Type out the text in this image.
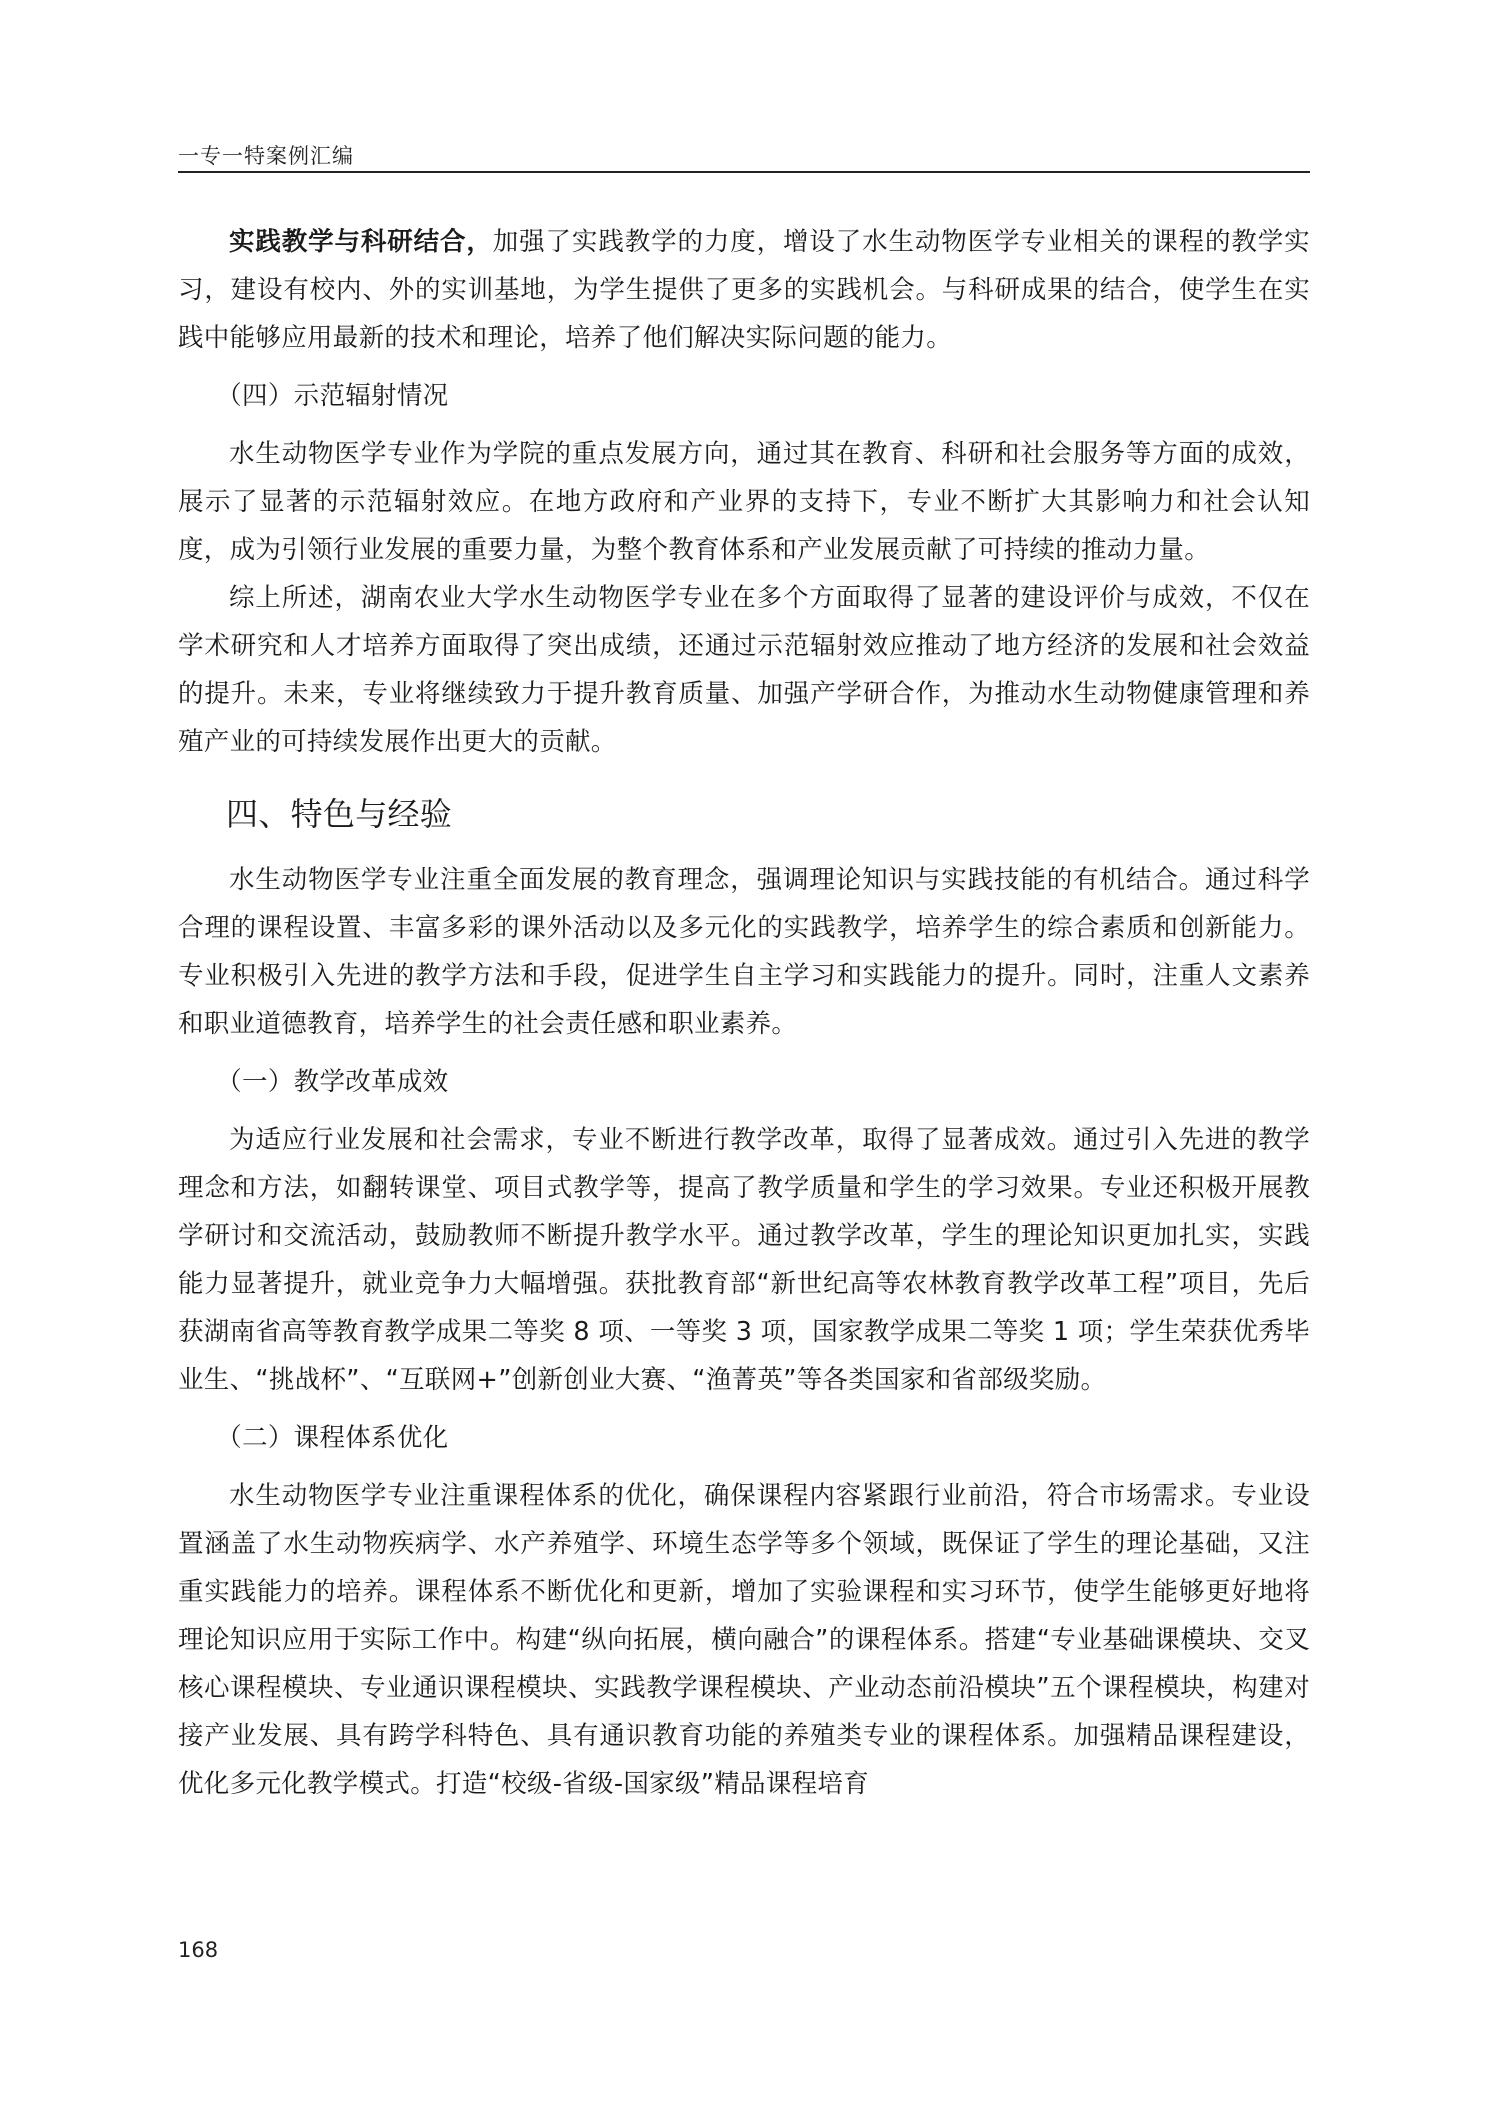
一专一特案例汇编

实践教学与科研结合，加强了实践教学的力度，增设了水生动物医学专业相关的课程的教学实习，建设有校内、外的实训基地，为学生提供了更多的实践机会。与科研成果的结合，使学生在实践中能够应用最新的技术和理论，培养了他们解决实际问题的能力。

（四）示范辐射情况

水生动物医学专业作为学院的重点发展方向，通过其在教育、科研和社会服务等方面的成效，展示了显著的示范辐射效应。在地方政府和产业界的支持下，专业不断扩大其影响力和社会认知度，成为引领行业发展的重要力量，为整个教育体系和产业发展贡献了可持续的推动力量。

综上所述，湖南农业大学水生动物医学专业在多个方面取得了显著的建设评价与成效，不仅在学术研究和人才培养方面取得了突出成绩，还通过示范辐射效应推动了地方经济的发展和社会效益的提升。未来，专业将继续致力于提升教育质量、加强产学研合作，为推动水生动物健康管理和养殖产业的可持续发展作出更大的贡献。

四、特色与经验

水生动物医学专业注重全面发展的教育理念，强调理论知识与实践技能的有机结合。通过科学合理的课程设置、丰富多彩的课外活动以及多元化的实践教学，培养学生的综合素质和创新能力。专业积极引入先进的教学方法和手段，促进学生自主学习和实践能力的提升。同时，注重人文素养和职业道德教育，培养学生的社会责任感和职业素养。

（一）教学改革成效

为适应行业发展和社会需求，专业不断进行教学改革，取得了显著成效。通过引入先进的教学理念和方法，如翻转课堂、项目式教学等，提高了教学质量和学生的学习效果。专业还积极开展教学研讨和交流活动，鼓励教师不断提升教学水平。通过教学改革，学生的理论知识更加扎实，实践能力显著提升，就业竞争力大幅增强。获批教育部“新世纪高等农林教育教学改革工程”项目，先后获湖南省高等教育教学成果二等奖 8 项、一等奖 3 项，国家教学成果二等奖 1 项；学生荣获优秀毕业生、“挑战杯”、“互联网+”创新创业大赛、“渔菁英”等各类国家和省部级奖励。

（二）课程体系优化

水生动物医学专业注重课程体系的优化，确保课程内容紧跟行业前沿，符合市场需求。专业设置涵盖了水生动物疾病学、水产养殖学、环境生态学等多个领域，既保证了学生的理论基础，又注重实践能力的培养。课程体系不断优化和更新，增加了实验课程和实习环节，使学生能够更好地将理论知识应用于实际工作中。构建“纵向拓展，横向融合”的课程体系。搭建“专业基础课模块、交叉核心课程模块、专业通识课程模块、实践教学课程模块、产业动态前沿模块”五个课程模块，构建对接产业发展、具有跨学科特色、具有通识教育功能的养殖类专业的课程体系。加强精品课程建设，优化多元化教学模式。打造“校级-省级-国家级”精品课程培育

168
